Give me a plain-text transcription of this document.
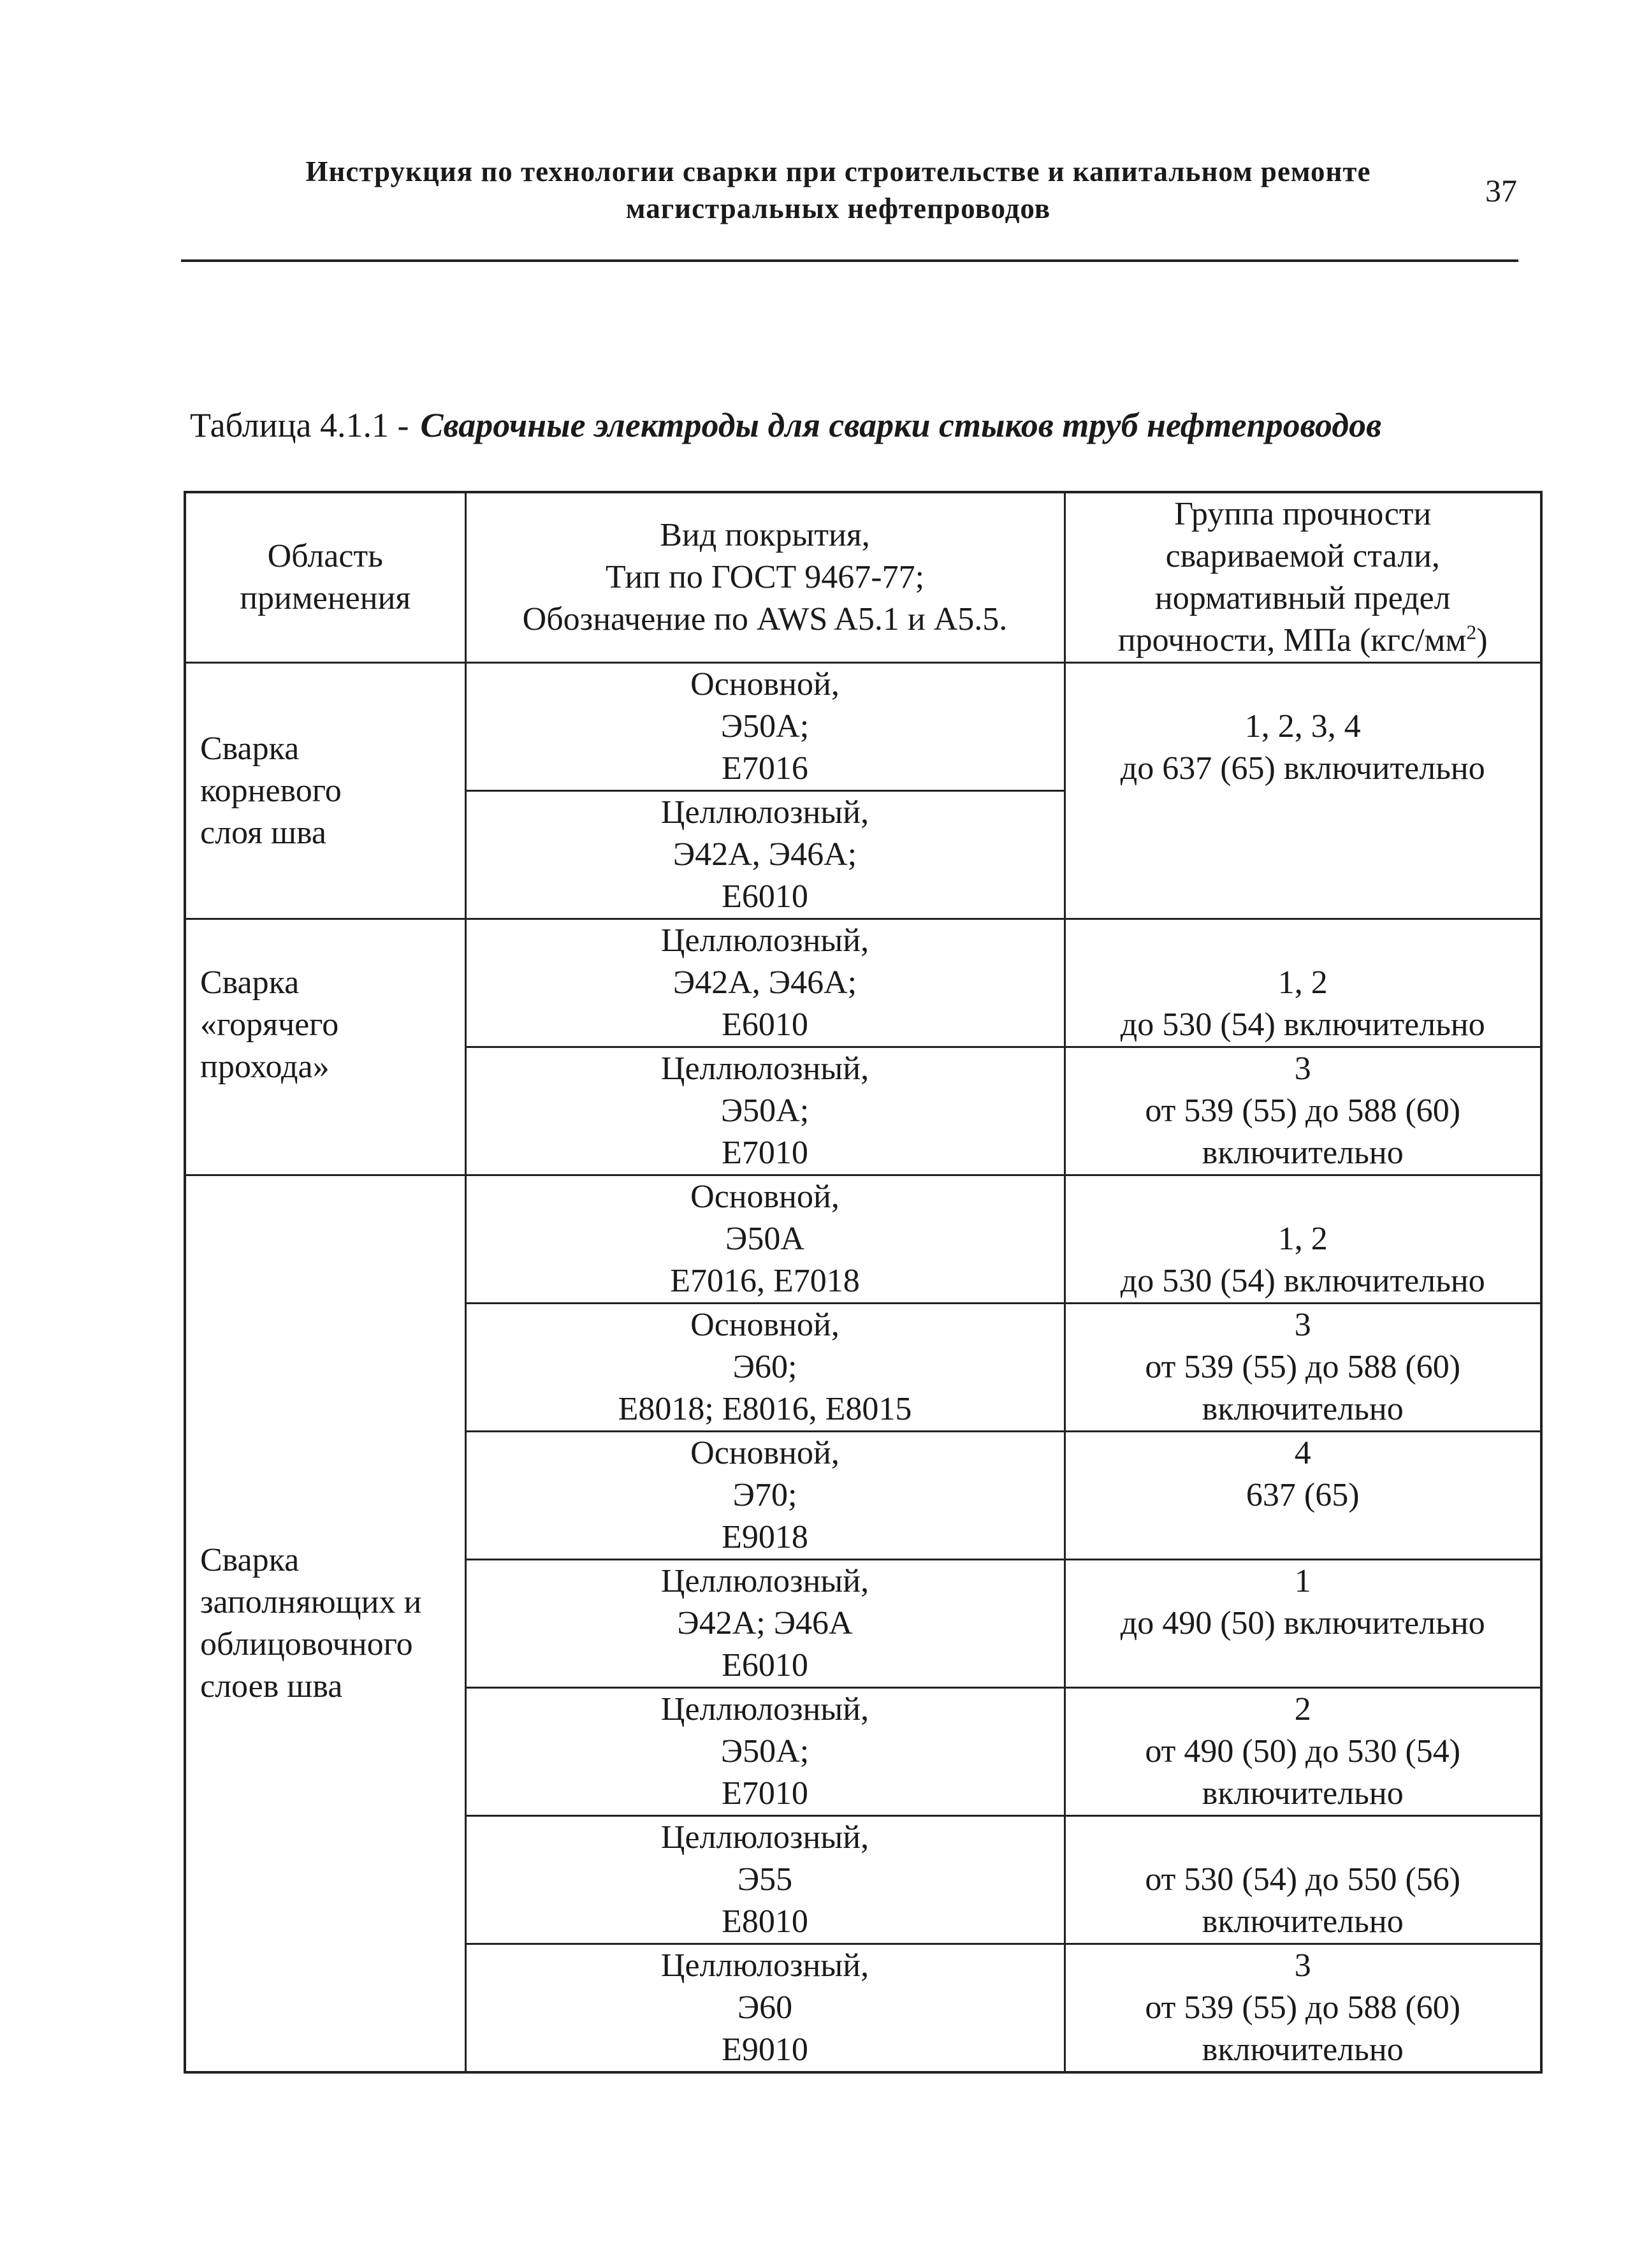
Инструкция по технологии сварки при строительстве и капитальном ремонте
магистральных нефтепроводов	37
Таблица 4.1.1 - Сварочные электроды для сварки стыков труб нефтепроводов
Область
применения	Вид покрытия,
Тип по ГОСТ 9467-77;
Обозначение по AWS A5.1 и A5.5.	Группа прочности
свариваемой стали,
нормативный предел
прочности, МПа $(кгс/мм^2)$

Сварка
корневого
слоя шва	Основной,
Э50А;
Е7016	1, 2, 3, 4
до 637 (65) включительно

	Целлюлозный,
Э42А, Э46А;
Е6010	

Сварка
«горячего
прохода»	Целлюлозный,
Э42А, Э46А;
Е6010	1, 2
до 530 (54) включительно

	Целлюлозный,
Э50А;
Е7010	3
от 539 (55) до 588 (60)
включительно

Сварка
заполняющих и
облицовочного
слоев шва	Основной,
Э50А
Е7016, Е7018	1, 2
до 530 (54) включительно

	Основной,
Э60;
Е8018; Е8016, Е8015	3
от 539 (55) до 588 (60)
включительно

	Основной,
Э70;
Е9018	4
637 (65)

	Целлюлозный,
Э42А; Э46А
Е6010	1
до 490 (50) включительно

	Целлюлозный,
Э50А;
Е7010	2
от 490 (50) до 530 (54)
включительно

	Целлюлозный,
Э55
Е8010	от 530 (54) до 550 (56)
включительно

	Целлюлозный,
Э60
Е9010	3
от 539 (55) до 588 (60)
включительно
